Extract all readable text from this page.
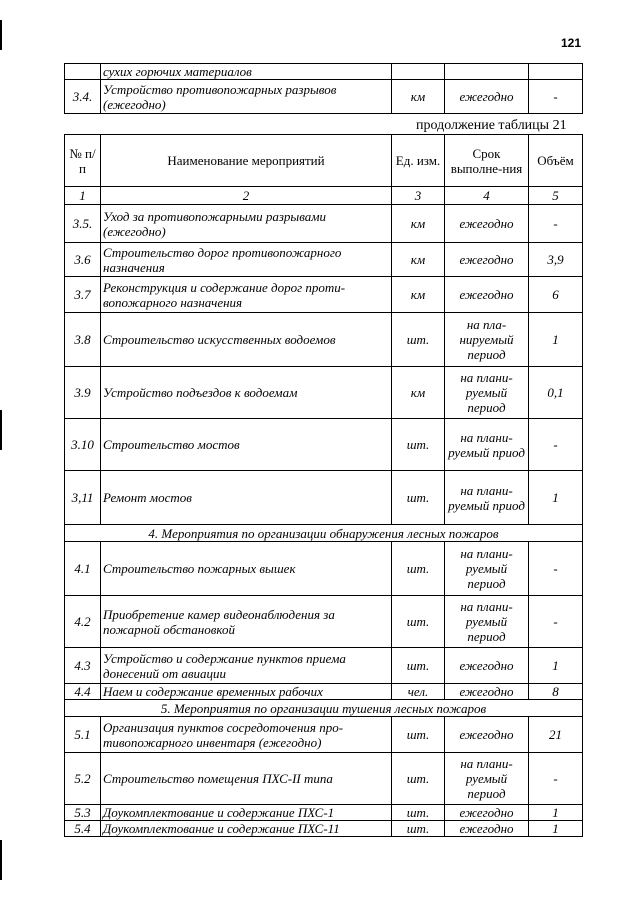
121
	сухих горючих материалов			
3.4.	Устройство противопожарных разрывов (ежегодно)	км	ежегодно	-
продолжение таблицы 21
№ п/п	Наименование мероприятий	Ед. изм.	Срок выполне-ния	Объём
1	2	3	4	5
3.5.	Уход за противопожарными разрывами (ежегодно)	км	ежегодно	-
3.6	Строительство дорог противопожарного назначения	км	ежегодно	3,9
3.7	Реконструкция и содержание дорог проти-вопожарного назначения	км	ежегодно	6
3.8	Строительство искусственных водоемов	шт.	на пла-нируемый период	1
3.9	Устройство подъездов к водоемам	км	на плани-руемый период	0,1
3.10	Строительство мостов	шт.	на плани-руемый приод	-
3,11	Ремонт мостов	шт.	на плани-руемый приод	1
4. Мероприятия по организации обнаружения лесных пожаров				
4.1	Строительство пожарных вышек	шт.	на плани-руемый период	-
4.2	Приобретение камер видеонаблюдения за пожарной обстановкой	шт.	на плани-руемый период	-
4.3	Устройство и содержание пунктов приема донесений от авиации	шт.	ежегодно	1
4.4	Наем и содержание временных рабочих	чел.	ежегодно	8
5. Мероприятия по организации тушения лесных пожаров				
5.1	Организация пунктов сосредоточения про-тивопожарного инвентаря (ежегодно)	шт.	ежегодно	21
5.2	Строительство помещения ПХС-II типа	шт.	на плани-руемый период	-
5.3	Доукомплектование и содержание ПХС-1	шт.	ежегодно	1
5.4	Доукомплектование и содержание ПХС-11	шт.	ежегодно	1
